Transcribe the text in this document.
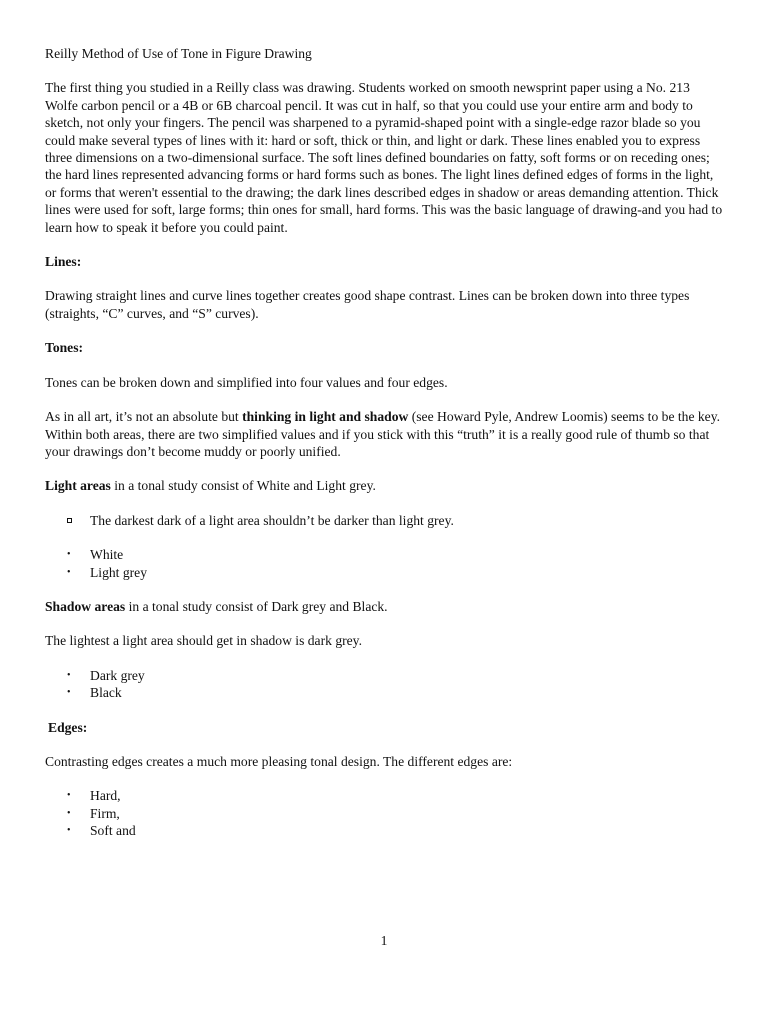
Reilly Method of Use of Tone in Figure Drawing

The first thing you studied in a Reilly class was drawing. Students worked on smooth newsprint paper using a No. 213 Wolfe carbon pencil or a 4B or 6B charcoal pencil. It was cut in half, so that you could use your entire arm and body to sketch, not only your fingers. The pencil was sharpened to a pyramid-shaped point with a single-edge razor blade so you could make several types of lines with it: hard or soft, thick or thin, and light or dark. These lines enabled you to express three dimensions on a two-dimensional surface. The soft lines defined boundaries on fatty, soft forms or on receding ones; the hard lines represented advancing forms or hard forms such as bones. The light lines defined edges of forms in the light, or forms that weren't essential to the drawing; the dark lines described edges in shadow or areas demanding attention. Thick lines were used for soft, large forms; thin ones for small, hard forms. This was the basic language of drawing-and you had to learn how to speak it before you could paint.

Lines:

Drawing straight lines and curve lines together creates good shape contrast. Lines can be broken down into three types (straights, “C” curves, and “S” curves).

Tones:

Tones can be broken down and simplified into four values and four edges.

As in all art, it’s not an absolute but thinking in light and shadow (see Howard Pyle, Andrew Loomis) seems to be the key. Within both areas, there are two simplified values and if you stick with this “truth” it is a really good rule of thumb so that your drawings don’t become muddy or poorly unified.

Light areas in a tonal study consist of White and Light grey.

The darkest dark of a light area shouldn’t be darker than light grey.
• White
• Light grey

Shadow areas in a tonal study consist of Dark grey and Black.

The lightest a light area should get in shadow is dark grey.

• Dark grey
• Black

Edges:

Contrasting edges creates a much more pleasing tonal design. The different edges are:

• Hard,
• Firm,
• Soft and
1
